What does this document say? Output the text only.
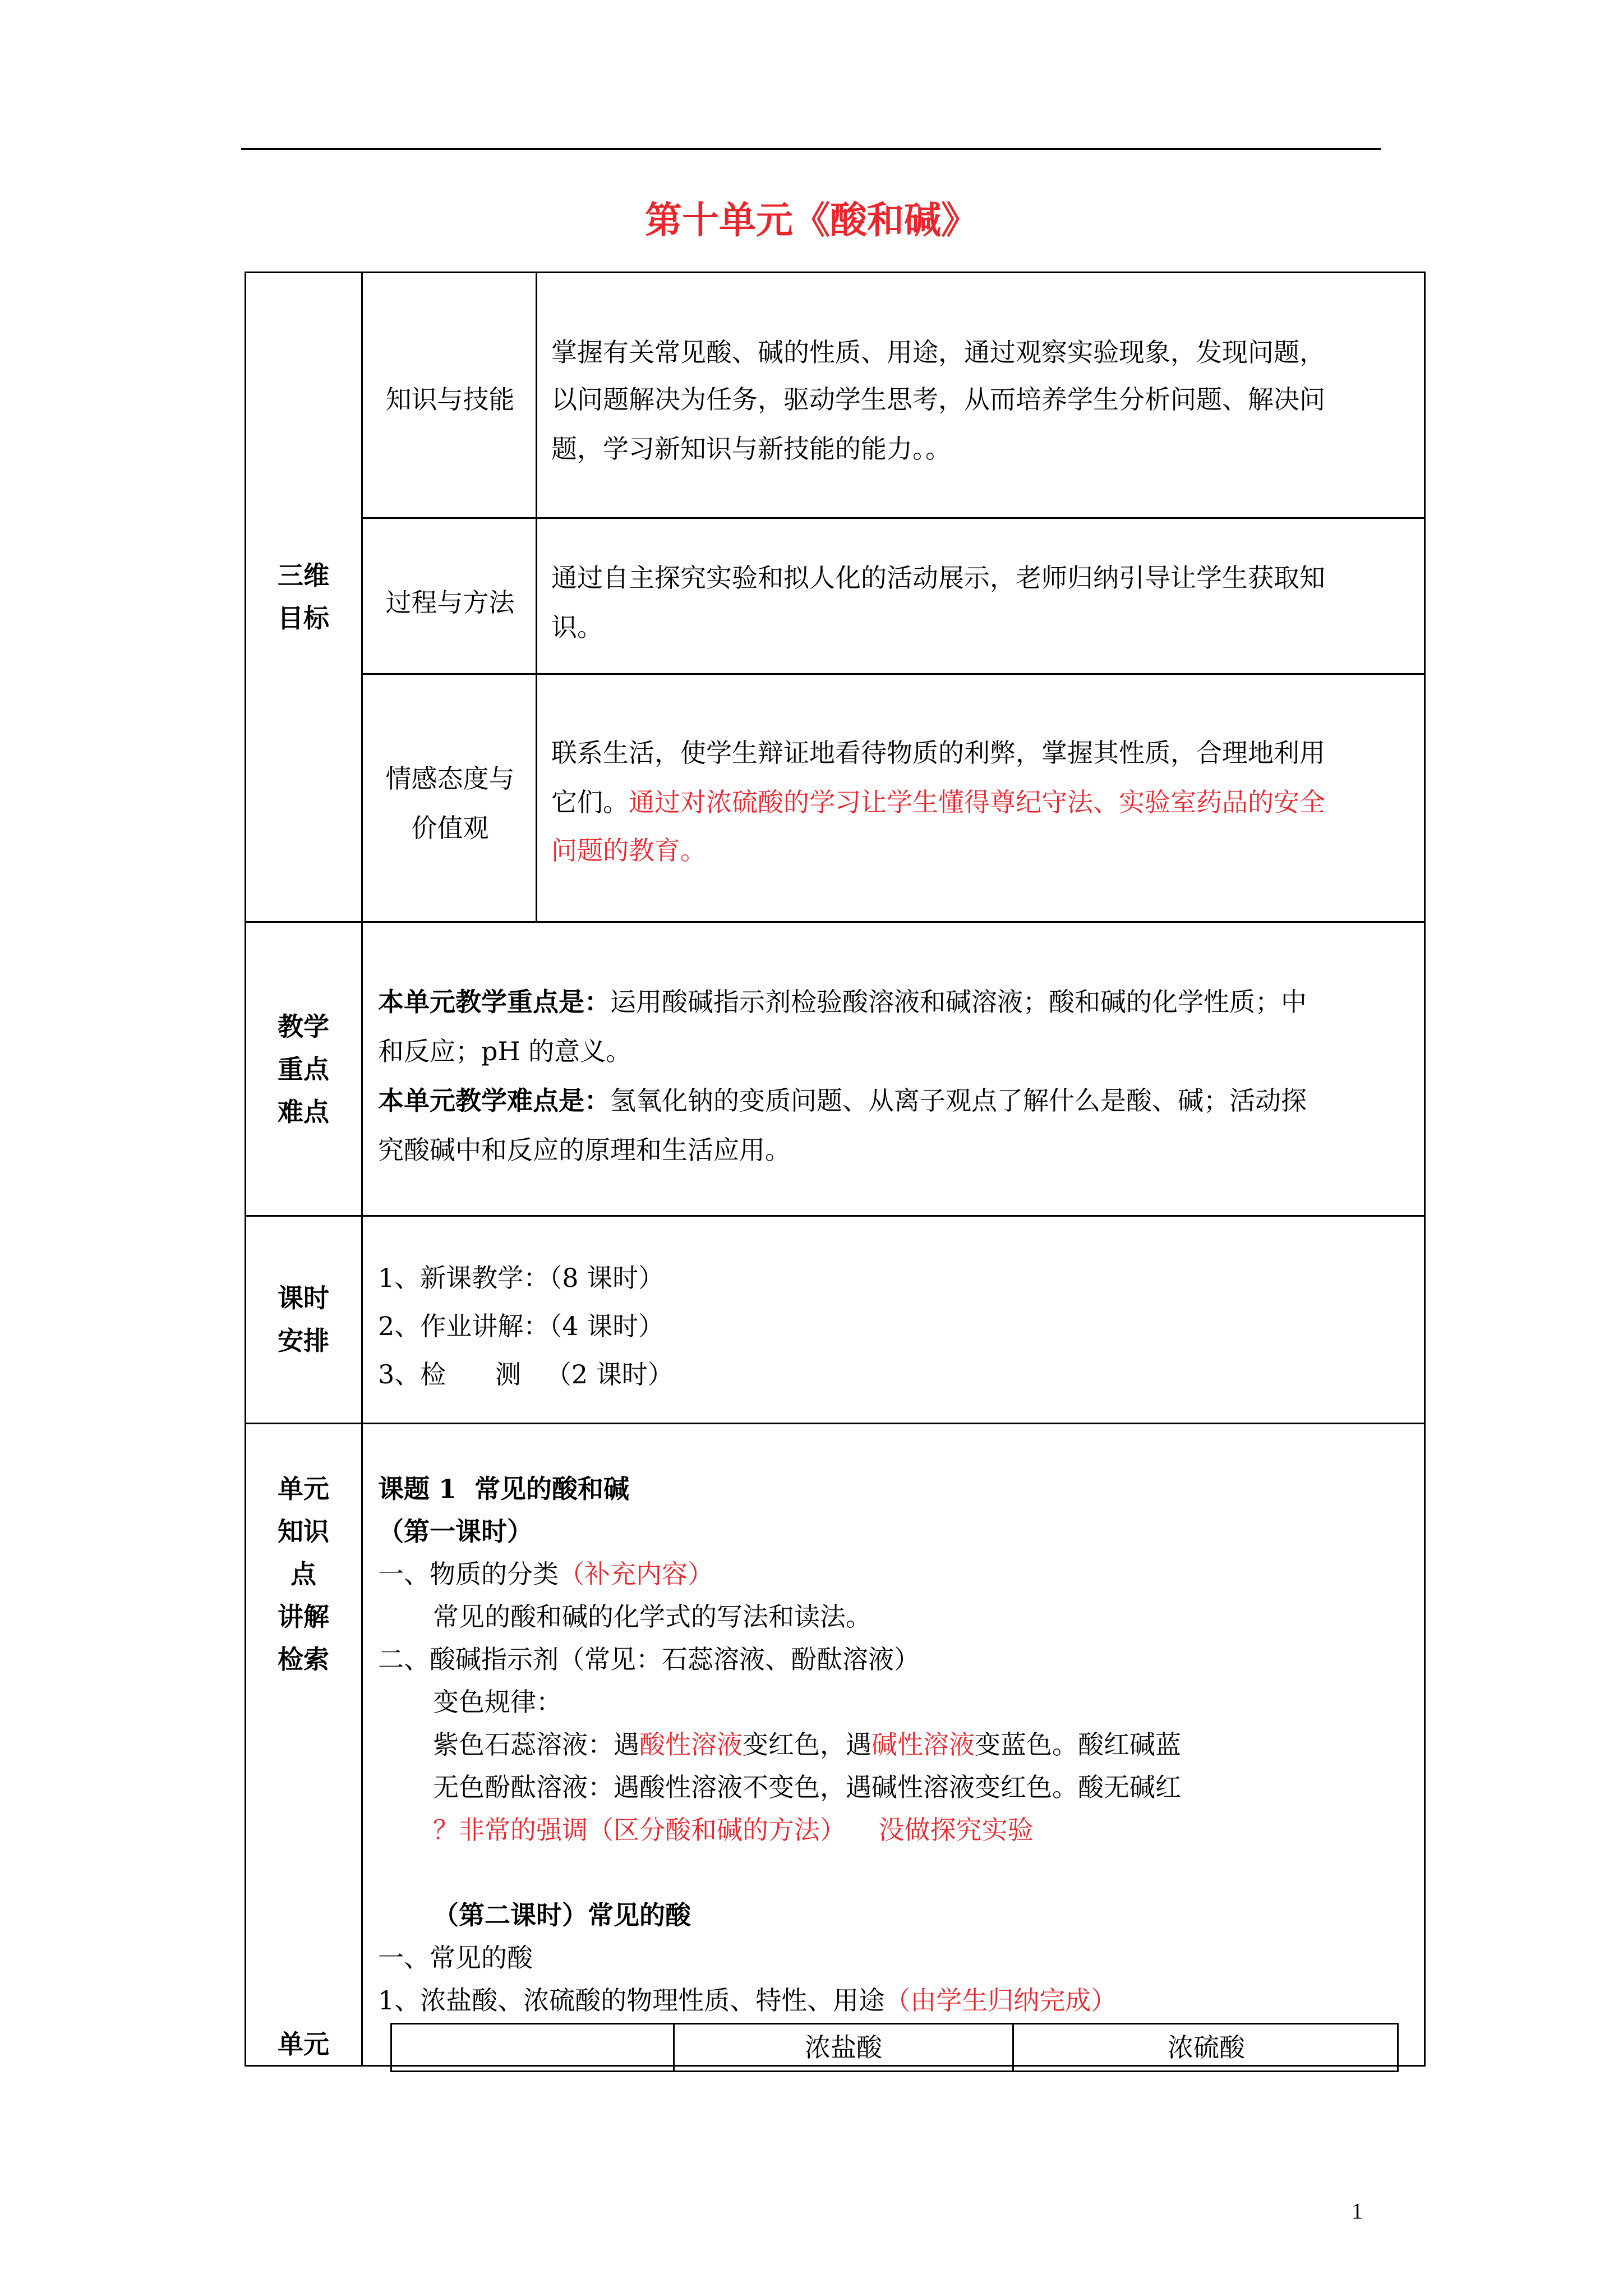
第十单元《酸和碱》
三维
目标
知识与技能
掌握有关常见酸、碱的性质、用途，通过观察实验现象，发现问题，
以问题解决为任务，驱动学生思考，从而培养学生分析问题、解决问
题，学习新知识与新技能的能力。。
过程与方法
通过自主探究实验和拟人化的活动展示，老师归纳引导让学生获取知
识。
情感态度与
价值观
联系生活，使学生辩证地看待物质的利弊，掌握其性质，合理地利用
它们。通过对浓硫酸的学习让学生懂得尊纪守法、实验室药品的安全
问题的教育。
教学
重点
难点
本单元教学重点是：运用酸碱指示剂检验酸溶液和碱溶液；酸和碱的化学性质；中
和反应；pH 的意义。
本单元教学难点是：氢氧化钠的变质问题、从离子观点了解什么是酸、碱；活动探
究酸碱中和反应的原理和生活应用。
课时
安排
1、新课教学：（8 课时）
2、作业讲解：（4 课时）
3、检      测   （2 课时）
单元
知识
点
讲解
检索
单元
课题 1  常见的酸和碱
（第一课时）
一、物质的分类（补充内容）
常见的酸和碱的化学式的写法和读法。
二、酸碱指示剂（常见：石蕊溶液、酚酞溶液）
变色规律：
紫色石蕊溶液：遇酸性溶液变红色，遇碱性溶液变蓝色。酸红碱蓝
无色酚酞溶液：遇酸性溶液不变色，遇碱性溶液变红色。酸无碱红
？非常的强调（区分酸和碱的方法）    没做探究实验
（第二课时）常见的酸
一、常见的酸
1、浓盐酸、浓硫酸的物理性质、特性、用途（由学生归纳完成）
浓盐酸	浓硫酸
1
